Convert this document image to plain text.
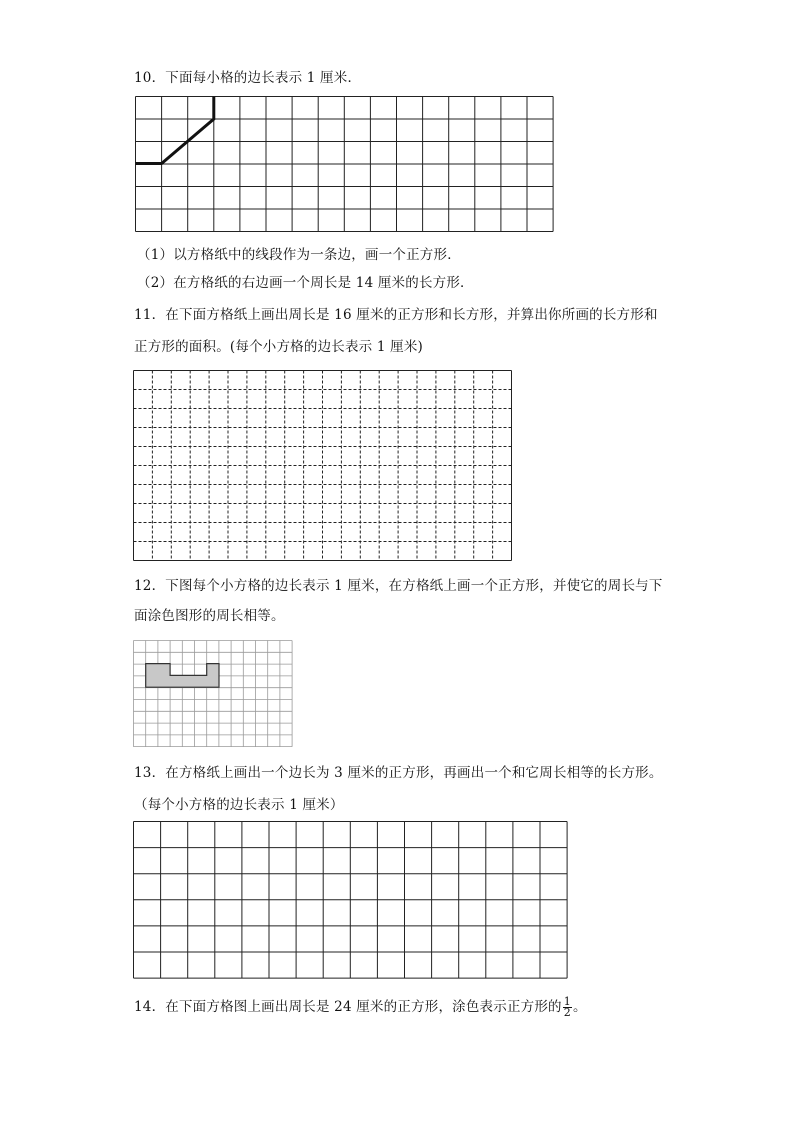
10．下面每小格的边长表示 1 厘米．
（1）以方格纸中的线段作为一条边，画一个正方形．
（2）在方格纸的右边画一个周长是 14 厘米的长方形．
11．在下面方格纸上画出周长是 16 厘米的正方形和长方形，并算出你所画的长方形和
正方形的面积。(每个小方格的边长表示 1 厘米)
12．下图每个小方格的边长表示 1 厘米，在方格纸上画一个正方形，并使它的周长与下
面涂色图形的周长相等。
13．在方格纸上画出一个边长为 3 厘米的正方形，再画出一个和它周长相等的长方形。
（每个小方格的边长表示 1 厘米）
14．在下面方格图上画出周长是 24 厘米的正方形，涂色表示正方形的 $\frac{1}{2}$ 。
